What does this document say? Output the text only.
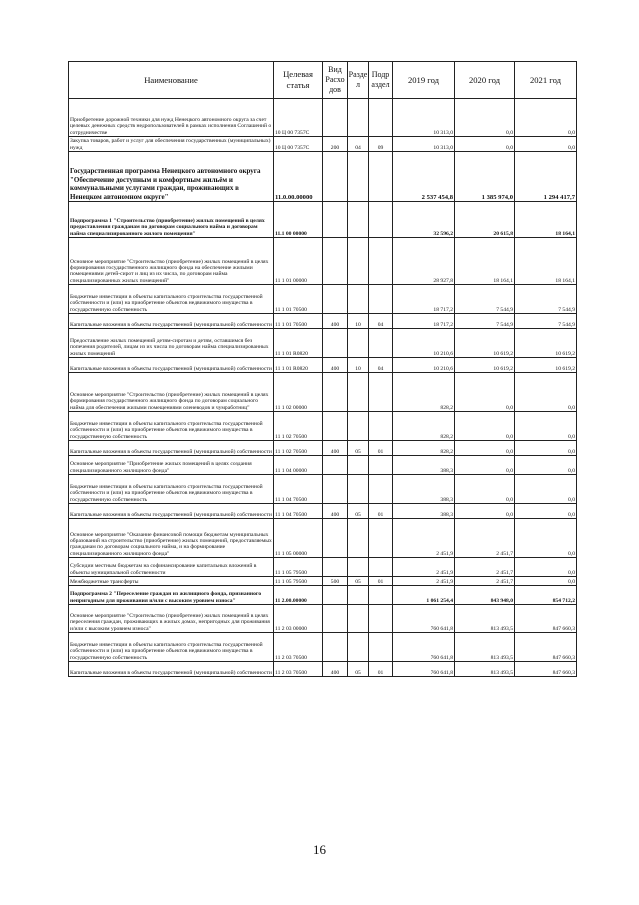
Наименование	Целевая статья	Вид Расхо дов	Разде л	Подр аздел	2019 год	2020 год	2021 год
Приобретение дорожной техники для нужд Ненецкого автономного округа за счет целевых денежных средств недропользователей в рамках исполнения Соглашений о сотрудничестве	10 Ц 00 7357С				10 313,0	0,0	0,0
Закупка товаров, работ и услуг для обеспечения государственных (муниципальных) нужд	10 Ц 00 7357С	200	04	09	10 313,0	0,0	0,0
Государственная программа Ненецкого автономного округа "Обеспечение доступным и комфортным жильём и коммунальными услугами граждан, проживающих в Ненецком автономном округе"	11.0.00.00000				2 537 454,8	1 385 974,0	1 294 417,7
Подпрограмма 1 "Строительство (приобретение) жилых помещений в целях предоставления гражданам по договорам социального найма и договорам найма специализированного жилого помещения"	11.1 00 00000				32 596,2	20 615,8	18 164,1
Основное мероприятие "Строительство (приобретение) жилых помещений в целях формирования государственного жилищного фонда на обеспечение жилыми помещениями детей-сирот и лиц из их числа, по договорам найма специализированных жилых помещений"	11 1 01 00000				28 927,8	18 164,1	18 164,1
Бюджетные инвестиции в объекты капитального строительства государственной собственности и (или) на приобретение объектов недвижимого имущества в государственную собственность	11 1 01 70500				18 717,2	7 544,9	7 544,9
Капитальные вложения в объекты государственной (муниципальной) собственности	11 1 01 70500	400	10	04	18 717,2	7 544,9	7 544,9
Предоставление жилых помещений детям-сиротам и детям, оставшимся без попечения родителей, лицам из их числа по договорам найма специализированных жилых помещений	11 1 01 R0820				10 210,6	10 619,2	10 619,2
Капитальные вложения в объекты государственной (муниципальной) собственности	11 1 01 R0820	400	10	04	10 210,6	10 619,2	10 619,2
Основное мероприятие "Строительство (приобретение) жилых помещений в целях формирования государственного жилищного фонда по договорам социального найма для обеспечения жилыми помещениями оленеводов и чумработниц"	11 1 02 00000				828,2	0,0	0,0
Бюджетные инвестиции в объекты капитального строительства государственной собственности и (или) на приобретение объектов недвижимого имущества в государственную собственность	11 1 02 70500				828,2	0,0	0,0
Капитальные вложения в объекты государственной (муниципальной) собственности	11 1 02 70500	400	05	01	828,2	0,0	0,0
Основное мероприятие "Приобретение жилых помещений в целях создания специализированного жилищного фонда"	11 1 04 00000				388,3	0,0	0,0
Бюджетные инвестиции в объекты капитального строительства государственной собственности и (или) на приобретение объектов недвижимого имущества в государственную собственность	11 1 04 70500				388,3	0,0	0,0
Капитальные вложения в объекты государственной (муниципальной) собственности	11 1 04 70500	400	05	01	388,3	0,0	0,0
Основное мероприятие "Оказание финансовой помощи бюджетам муниципальных образований на строительство (приобретение) жилых помещений, предоставляемых гражданам по договорам социального найма, и на формирование специализированного жилищного фонда"	11 1 05 00000				2 451,9	2 451,7	0,0
Субсидии местным бюджетам на софинансирование капитальных вложений в объекты муниципальной собственности	11 1 05 79500				2 451,9	2 451,7	0,0
Межбюджетные трансферты	11 1 05 79500	500	05	01	2 451,9	2 451,7	0,0
Подпрограмма 2 "Переселение граждан из жилищного фонда, признанного непригодным для проживания и/или с высоким уровнем износа"	11 2.00.00000				1 061 254,4	843 948,0	854 712,2
Основное мероприятие "Строительство (приобретение) жилых помещений в целях переселения граждан, проживающих в жилых домах, непригодных для проживания и/или с высоким уровнем износа"	11 2 03 00000				760 641,8	813 493,5	847 660,3
Бюджетные инвестиции в объекты капитального строительства государственной собственности и (или) на приобретение объектов недвижимого имущества в государственную собственность	11 2 03 70500				760 641,8	813 493,5	847 660,3
Капитальные вложения в объекты государственной (муниципальной) собственности	11 2 03 70500	400	05	01	760 641,8	813 493,5	847 660,3
16
